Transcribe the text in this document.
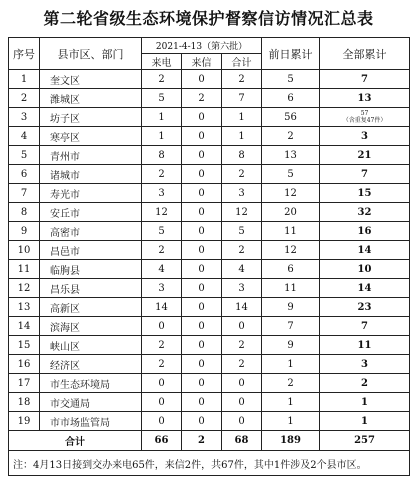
第二轮省级生态环境保护督察信访情况汇总表
序号	县市区、部门	2021-4-13（第六批）			前日累计	全部累计
		来电	来信	合计		
1	奎文区	2	0	2	5	7
2	潍城区	5	2	7	6	13
3	坊子区	1	0	1	56	57
（含重复47件）

4	寒亭区	1	0	1	2	3
5	青州市	8	0	8	13	21
6	诸城市	2	0	2	5	7
7	寿光市	3	0	3	12	15
8	安丘市	12	0	12	20	32
9	高密市	5	0	5	11	16
10	昌邑市	2	0	2	12	14
11	临朐县	4	0	4	6	10
12	昌乐县	3	0	3	11	14
13	高新区	14	0	14	9	23
14	滨海区	0	0	0	7	7
15	峡山区	2	0	2	9	11
16	经济区	2	0	2	1	3
17	市生态环境局	0	0	0	2	2
18	市交通局	0	0	0	1	1
19	市市场监管局	0	0	0	1	1
合计		66	2	68	189	257
注：4月13日接到交办来电65件，来信2件，共67件，其中1件涉及2个县市区。						
